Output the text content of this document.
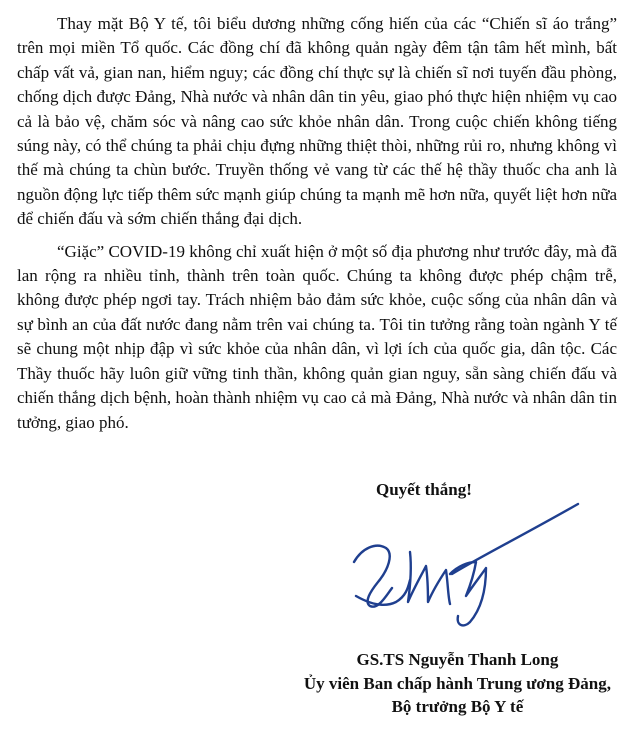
Thay mặt Bộ Y tế, tôi biểu dương những cống hiến của các “Chiến sĩ áo trắng” trên mọi miền Tổ quốc. Các đồng chí đã không quản ngày đêm tận tâm hết mình, bất chấp vất vả, gian nan, hiểm nguy; các đồng chí thực sự là chiến sĩ nơi tuyến đầu phòng, chống dịch được Đảng, Nhà nước và nhân dân tin yêu, giao phó thực hiện nhiệm vụ cao cả là bảo vệ, chăm sóc và nâng cao sức khỏe nhân dân. Trong cuộc chiến không tiếng súng này, có thể chúng ta phải chịu đựng những thiệt thòi, những rủi ro, nhưng không vì thế mà chúng ta chùn bước. Truyền thống vẻ vang từ các thế hệ thầy thuốc cha anh là nguồn động lực tiếp thêm sức mạnh giúp chúng ta mạnh mẽ hơn nữa, quyết liệt hơn nữa để chiến đấu và sớm chiến thắng đại dịch.

“Giặc” COVID-19 không chỉ xuất hiện ở một số địa phương như trước đây, mà đã lan rộng ra nhiều tỉnh, thành trên toàn quốc. Chúng ta không được phép chậm trễ, không được phép ngơi tay. Trách nhiệm bảo đảm sức khỏe, cuộc sống của nhân dân và sự bình an của đất nước đang nằm trên vai chúng ta. Tôi tin tưởng rằng toàn ngành Y tế sẽ chung một nhịp đập vì sức khỏe của nhân dân, vì lợi ích của quốc gia, dân tộc. Các Thầy thuốc hãy luôn giữ vững tinh thần, không quản gian nguy, sẵn sàng chiến đấu và chiến thắng dịch bệnh, hoàn thành nhiệm vụ cao cả mà Đảng, Nhà nước và nhân dân tin tưởng, giao phó.

Quyết thắng!
GS.TS Nguyễn Thanh Long
Ủy viên Ban chấp hành Trung ương Đảng,
Bộ trưởng Bộ Y tế
